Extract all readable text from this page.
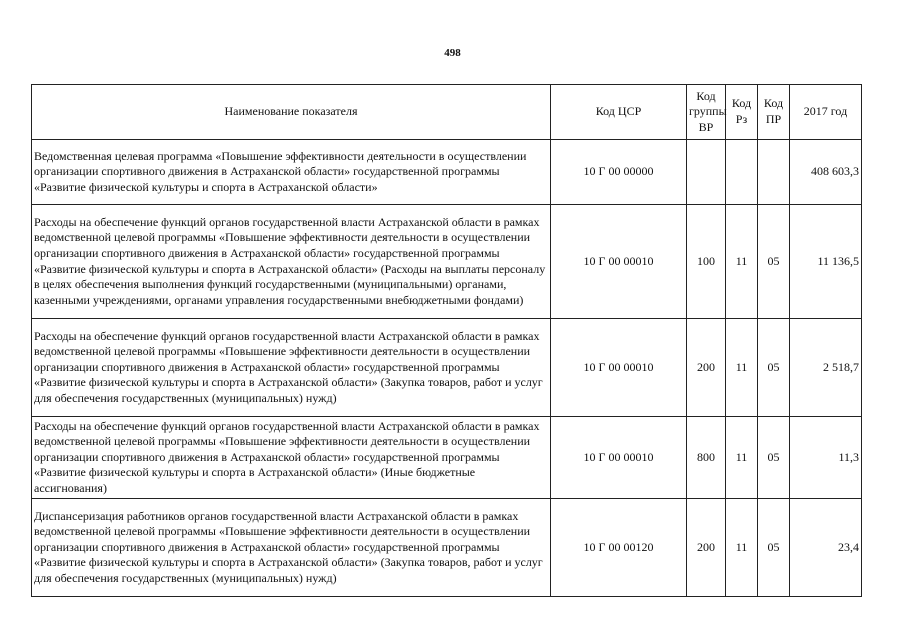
498
Наименование показателя	Код ЦСР	Код группы ВР	Код Рз	Код ПР	2017 год
Ведомственная целевая программа «Повышение эффективности деятельности в осуществлении организации спортивного движения в Астраханской области» государственной программы «Развитие физической культуры и спорта в Астраханской области»	10 Г 00 00000				408 603,3
Расходы на обеспечение функций органов государственной власти Астраханской области в рамках ведомственной целевой программы «Повышение эффективности деятельности в осуществлении организации спортивного движения в Астраханской области» государственной программы «Развитие физической культуры и спорта в Астраханской области» (Расходы на выплаты персоналу в целях обеспечения выполнения функций государственными (муниципальными) органами, казенными учреждениями, органами управления государственными внебюджетными фондами)	10 Г 00 00010	100	11	05	11 136,5
Расходы на обеспечение функций органов государственной власти Астраханской области в рамках ведомственной целевой программы «Повышение эффективности деятельности в осуществлении организации спортивного движения в Астраханской области» государственной программы «Развитие физической культуры и спорта в Астраханской области» (Закупка товаров, работ и услуг для обеспечения государственных (муниципальных) нужд)	10 Г 00 00010	200	11	05	2 518,7
Расходы на обеспечение функций органов государственной власти Астраханской области в рамках ведомственной целевой программы «Повышение эффективности деятельности в осуществлении организации спортивного движения в Астраханской области» государственной программы «Развитие физической культуры и спорта в Астраханской области» (Иные бюджетные ассигнования)	10 Г 00 00010	800	11	05	11,3
Диспансеризация работников органов государственной власти Астраханской области в рамках ведомственной целевой программы «Повышение эффективности деятельности в осуществлении организации спортивного движения в Астраханской области» государственной программы «Развитие физической культуры и спорта в Астраханской области» (Закупка товаров, работ и услуг для обеспечения государственных (муниципальных) нужд)	10 Г 00 00120	200	11	05	23,4
